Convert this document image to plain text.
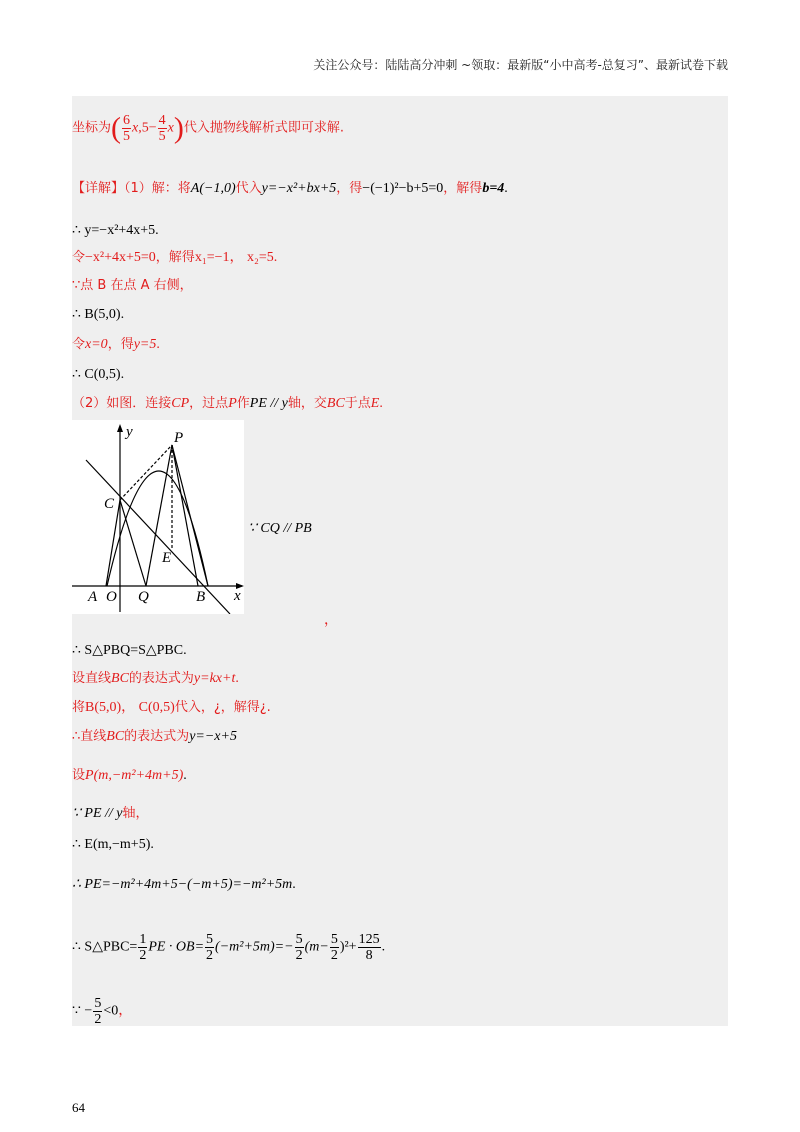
关注公众号：陆陆高分冲刺 ~领取：最新版“小中高考-总复习”、最新试卷下载
坐标为( $\frac{6}{5} x,5- \frac{4}{5} x$)代入抛物线解析式即可求解.
【详解】（1）解：将A(−1,0)代入y=−x²+bx+5，得−(−1)²−b+5=0，解得b=4.
∴ y=−x²+4x+5.
令−x²+4x+5=0，解得x₁=−1， x₂=5.
∵点 B 在点 A 右侧，
∴ B(5,0).
令x=0，得y=5.
∴ C(0,5).
（2）如图．连接CP，过点P作PE // y轴，交BC于点E.
y
x
P
C
E
A O Q	B
∵ CQ // PB
，
∴ S△PBQ=S△PBC.
设直线BC的表达式为y=kx+t.
将B(5,0)， C(0,5)代入，¿，解得¿.
∴直线BC的表达式为y=−x+5
设P(m,−m²+4m+5).
∵ PE // y轴，
∴ E(m,−m+5).
∴ PE=−m²+4m+5−(−m+5)=−m²+5m.
∴ S△PBC= $\frac{1}{2}$ PE · $OB= \frac{5}{2} (-m^2+5m)=- \frac{5}{2} (m- \frac{5}{2} )^2+ \frac{125}{8}$ .
∵ − $\frac{5}{2} <0$，
64
